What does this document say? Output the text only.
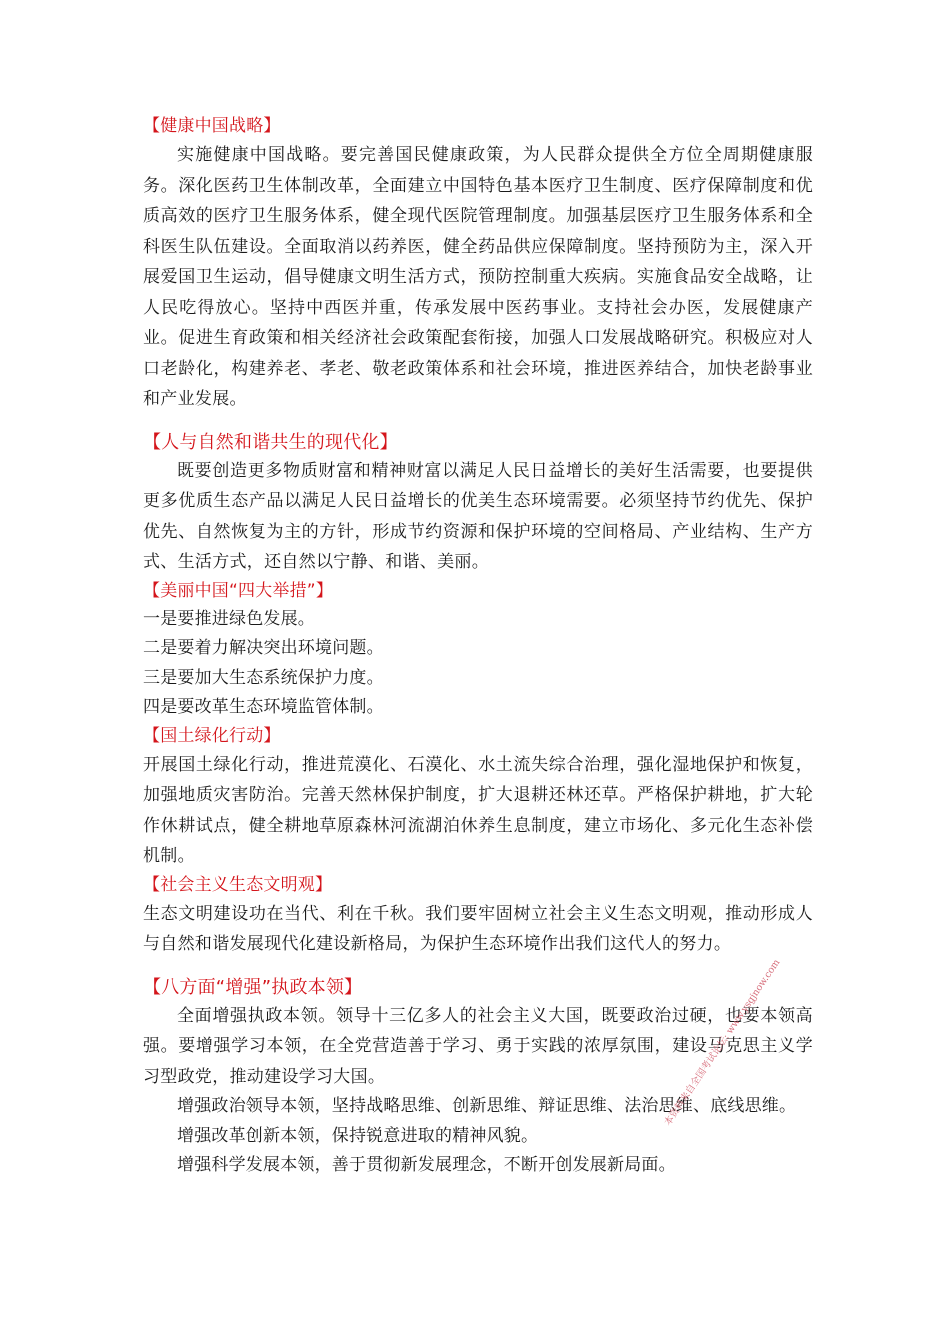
【健康中国战略】
实施健康中国战略。要完善国民健康政策，为人民群众提供全方位全周期健康服务。深化医药卫生体制改革，全面建立中国特色基本医疗卫生制度、医疗保障制度和优质高效的医疗卫生服务体系，健全现代医院管理制度。加强基层医疗卫生服务体系和全科医生队伍建设。全面取消以药养医，健全药品供应保障制度。坚持预防为主，深入开展爱国卫生运动，倡导健康文明生活方式，预防控制重大疾病。实施食品安全战略，让人民吃得放心。坚持中西医并重，传承发展中医药事业。支持社会办医，发展健康产业。促进生育政策和相关经济社会政策配套衔接，加强人口发展战略研究。积极应对人口老龄化，构建养老、孝老、敬老政策体系和社会环境，推进医养结合，加快老龄事业和产业发展。
【人与自然和谐共生的现代化】
既要创造更多物质财富和精神财富以满足人民日益增长的美好生活需要，也要提供更多优质生态产品以满足人民日益增长的优美生态环境需要。必须坚持节约优先、保护优先、自然恢复为主的方针，形成节约资源和保护环境的空间格局、产业结构、生产方式、生活方式，还自然以宁静、和谐、美丽。
【美丽中国“四大举措”】
一是要推进绿色发展。
二是要着力解决突出环境问题。
三是要加大生态系统保护力度。
四是要改革生态环境监管体制。
【国土绿化行动】
开展国土绿化行动，推进荒漠化、石漠化、水土流失综合治理，强化湿地保护和恢复，加强地质灾害防治。完善天然林保护制度，扩大退耕还林还草。严格保护耕地，扩大轮作休耕试点，健全耕地草原森林河流湖泊休养生息制度，建立市场化、多元化生态补偿机制。
【社会主义生态文明观】
生态文明建设功在当代、利在千秋。我们要牢固树立社会主义生态文明观，推动形成人与自然和谐发展现代化建设新格局，为保护生态环境作出我们这代人的努力。
【八方面“增强”执政本领】
全面增强执政本领。领导十三亿多人的社会主义大国，既要政治过硬，也要本领高强。要增强学习本领，在全党营造善于学习、勇于实践的浓厚氛围，建设马克思主义学习型政党，推动建设学习大国。
增强政治领导本领，坚持战略思维、创新思维、辩证思维、法治思维、底线思维。
增强改革创新本领，保持锐意进取的精神风貌。
增强科学发展本领，善于贯彻新发展理念，不断开创发展新局面。
本资料来自全国考试论坛: www.ysgjnow.com
